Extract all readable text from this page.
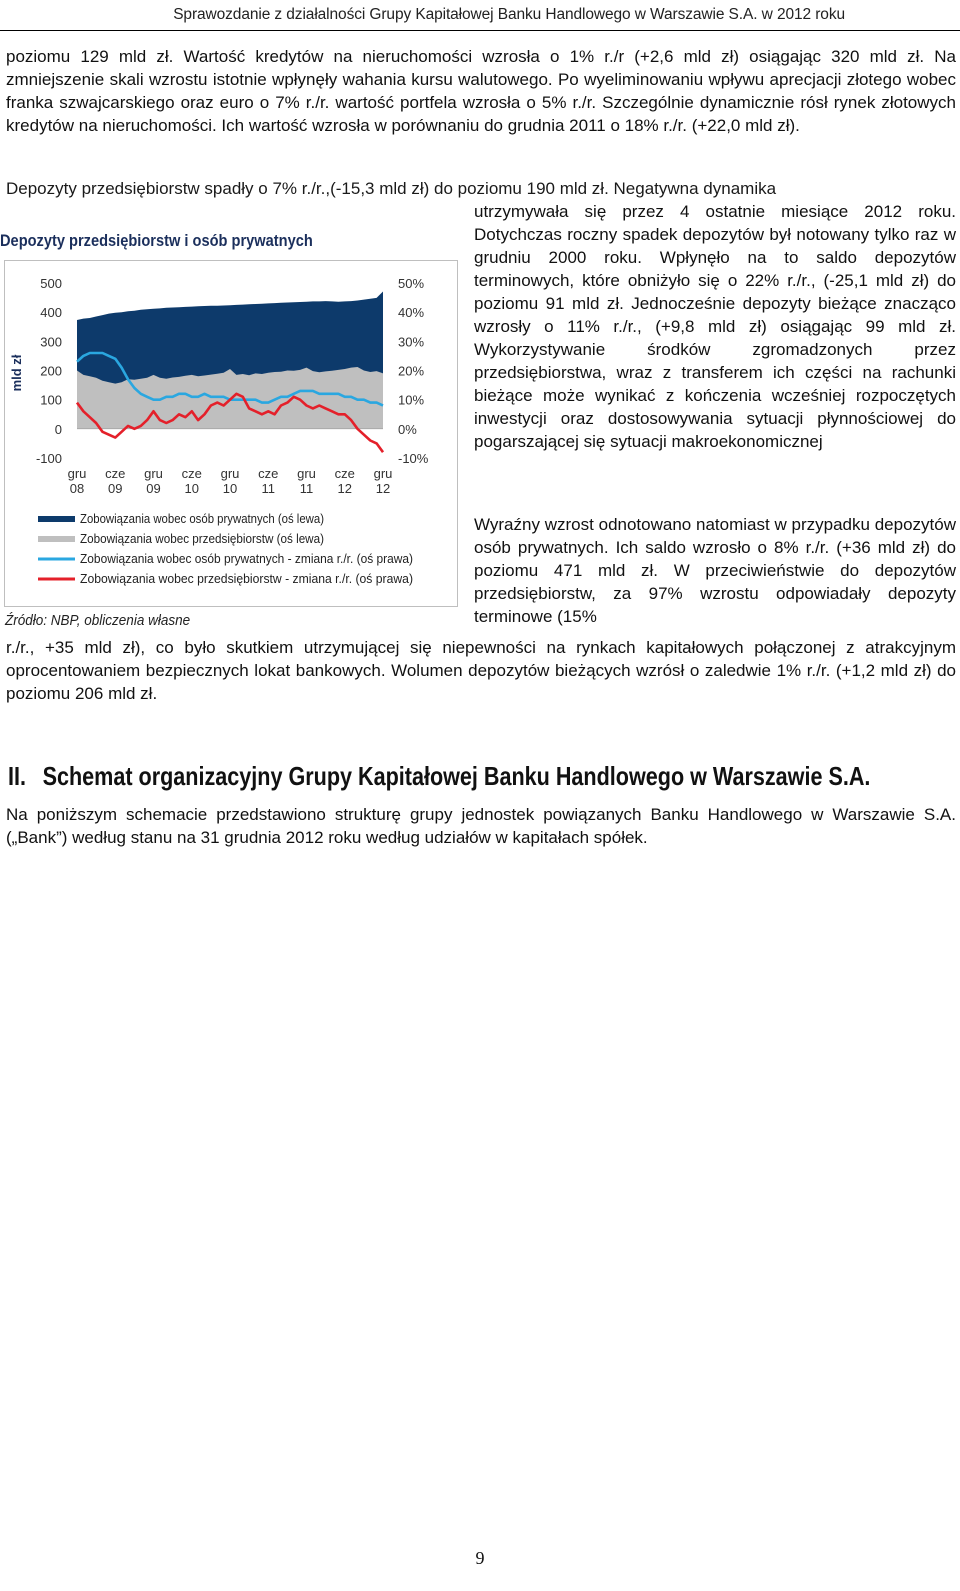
Sprawozdanie z działalności Grupy Kapitałowej Banku Handlowego w Warszawie S.A. w 2012 roku
poziomu 129 mld zł. Wartość kredytów na nieruchomości wzrosła o 1% r./r (+2,6 mld zł) osiągając 320 mld zł. Na zmniejszenie skali wzrostu istotnie wpłynęły wahania kursu walutowego. Po wyeliminowaniu wpływu aprecjacji złotego wobec franka szwajcarskiego oraz euro o 7% r./r. wartość portfela wzrosła o 5% r./r. Szczególnie dynamicznie rósł rynek złotowych kredytów na nieruchomości. Ich wartość wzrosła w porównaniu do grudnia 2011 o 18% r./r. (+22,0 mld zł).
Depozyty przedsiębiorstw spadły o 7% r./r.,(-15,3 mld zł) do poziomu 190 mld zł. Negatywna dynamika
utrzymywała się przez 4 ostatnie miesiące 2012 roku. Dotychczas roczny spadek depozytów był notowany tylko raz w grudniu 2000 roku. Wpłynęło na to saldo depozytów terminowych, które obniżyło się o 22% r./r., (-25,1 mld zł) do poziomu 91 mld zł. Jednocześnie depozyty bieżące znacząco wzrosły o 11% r./r., (+9,8 mld zł) osiągając 99 mld zł. Wykorzystywanie środków zgromadzonych przez przedsiębiorstwa, wraz z transferem ich części na rachunki bieżące może wynikać z kończenia wcześniej rozpoczętych inwestycji oraz dostosowywania sytuacji płynnościowej do pogarszającej się sytuacji makroekonomicznej
Wyraźny wzrost odnotowano natomiast w przypadku depozytów osób prywatnych. Ich saldo wzrosło o 8% r./r. (+36 mld zł) do poziomu 471 mld zł. W przeciwieństwie do depozytów przedsiębiorstw, za 97% wzrostu odpowiadały depozyty terminowe (15%
Depozyty przedsiębiorstw i osób prywatnych
mld zł
500
400
300
200
100
0
-100
50%
40%
30%
20%
10%
0%
-10%
gru
08
cze
09
gru
09
cze
10
gru
10
cze
11
gru
11
cze
12
gru
12
Zobowiązania wobec osób prywatnych (oś lewa)
Zobowiązania wobec przedsiębiorstw (oś lewa)
Zobowiązania wobec osób prywatnych - zmiana r./r. (oś prawa)
Zobowiązania wobec przedsiębiorstw - zmiana r./r. (oś prawa)
Źródło: NBP, obliczenia własne
r./r., +35 mld zł), co było skutkiem utrzymującej się niepewności na rynkach kapitałowych połączonej z atrakcyjnym oprocentowaniem bezpiecznych lokat bankowych. Wolumen depozytów bieżących wzrósł o zaledwie 1% r./r. (+1,2 mld zł) do poziomu 206 mld zł.
II. Schemat organizacyjny Grupy Kapitałowej Banku Handlowego w Warszawie S.A.
Na poniższym schemacie przedstawiono strukturę grupy jednostek powiązanych Banku Handlowego w Warszawie S.A. („Bank”) według stanu na 31 grudnia 2012 roku według udziałów w kapitałach spółek.
9
